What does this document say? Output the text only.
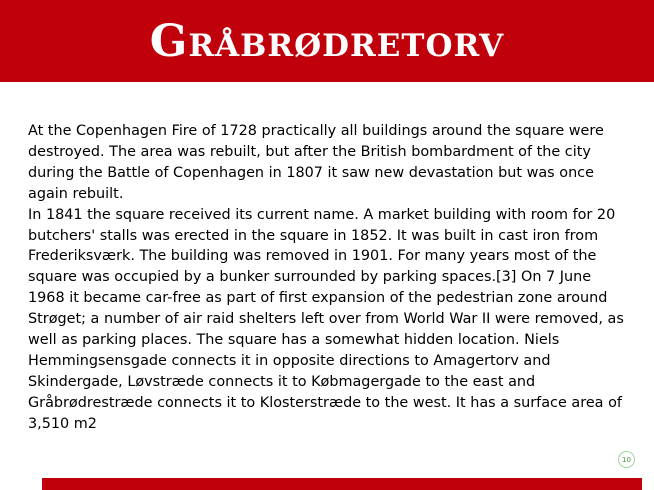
Gråbrødretorv

At the Copenhagen Fire of 1728 practically all buildings around the square were destroyed. The area was rebuilt, but after the British bombardment of the city during the Battle of Copenhagen in 1807 it saw new devastation but was once again rebuilt.

In 1841 the square received its current name. A market building with room for 20 butchers' stalls was erected in the square in 1852. It was built in cast iron from Frederiksværk. The building was removed in 1901. For many years most of the square was occupied by a bunker surrounded by parking spaces.[3] On 7 June 1968 it became car-free as part of first expansion of the pedestrian zone around Strøget; a number of air raid shelters left over from World War II were removed, as well as parking places. The square has a somewhat hidden location. Niels Hemmingsensgade connects it in opposite directions to Amagertorv and Skindergade, Løvstræde connects it to Købmagergade to the east and Gråbrødrestræde connects it to Klosterstræde to the west. It has a surface area of 3,510 m2

10
